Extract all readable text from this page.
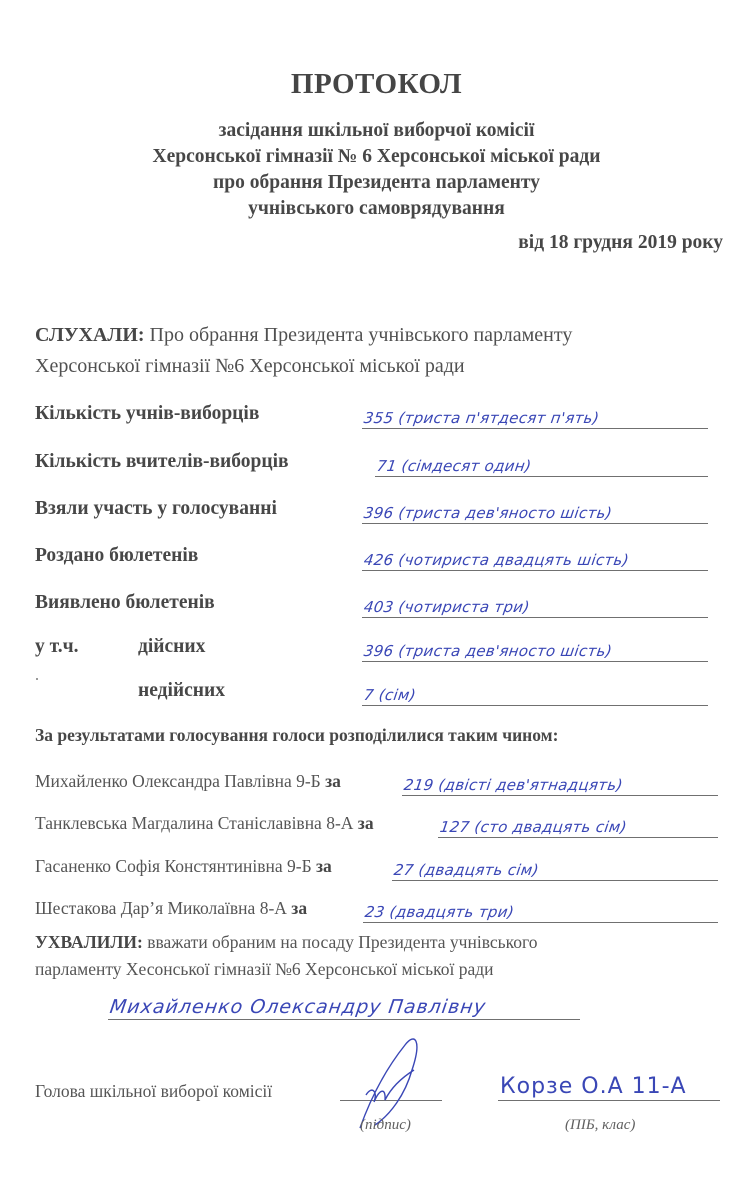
ПРОТОКОЛ
засідання шкільної виборчої комісії
Херсонської гімназії № 6 Херсонської міської ради
про обрання Президента парламенту
учнівського самоврядування
від 18 грудня 2019 року
СЛУХАЛИ: Про обрання Президента учнівського парламенту
Херсонської гімназії №6 Херсонської міської ради
Кількість учнів-виборців	355 (триста п'ятдесят п'ять)
Кількість вчителів-виборців	71 (сімдесят один)
Взяли участь у голосуванні	396 (триста дев'яносто шість)
Роздано бюлетенів	426 (чотириста двадцять шість)
Виявлено бюлетенів	403 (чотириста три)
у т.ч.	дійсних	396 (триста дев'яносто шість)
недійсних	7 (сім)
За результатами голосування голоси розподілилися таким чином:
Михайленко Олександра Павлівна 9-Б за	219 (двісті дев'ятнадцять)
Танклевська Магдалина Станіславівна 8-А за	127 (сто двадцять сім)
Гасаненко Софія Констянтинівна 9-Б за	27 (двадцять сім)
Шестакова Дар’я Миколаївна 8-А за	23 (двадцять три)
УХВАЛИЛИ: вважати обраним на посаду Президента учнівського
парламенту Хесонської гімназії №6 Херсонської міської ради
Михайленко Олександру Павлівну
Голова шкільної виборої комісії
(підпис)
Корзе О.А 11-А
(ПІБ, клас)
